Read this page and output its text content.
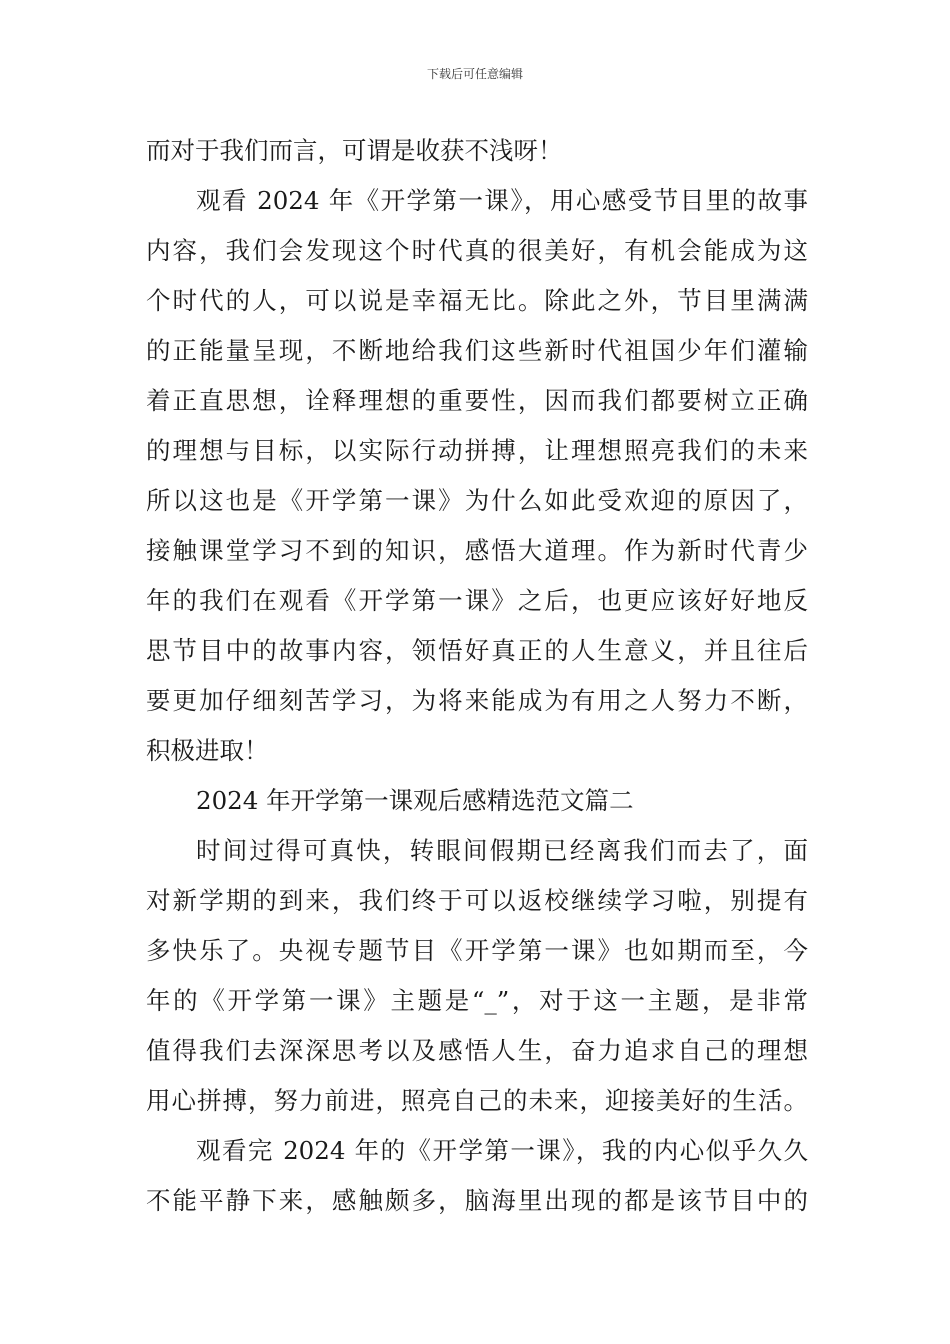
下载后可任意编辑
而对于我们而言，可谓是收获不浅呀！
观看 2024 年《开学第一课》，用心感受节目里的故事
内容，我们会发现这个时代真的很美好，有机会能成为这
个时代的人，可以说是幸福无比。除此之外，节目里满满
的正能量呈现，不断地给我们这些新时代祖国少年们灌输
着正直思想，诠释理想的重要性，因而我们都要树立正确
的理想与目标，以实际行动拼搏，让理想照亮我们的未来
所以这也是《开学第一课》为什么如此受欢迎的原因了，
接触课堂学习不到的知识，感悟大道理。作为新时代青少
年的我们在观看《开学第一课》之后，也更应该好好地反
思节目中的故事内容，领悟好真正的人生意义，并且往后
要更加仔细刻苦学习，为将来能成为有用之人努力不断，
积极进取！
2024 年开学第一课观后感精选范文篇二
时间过得可真快，转眼间假期已经离我们而去了，面
对新学期的到来，我们终于可以返校继续学习啦，别提有
多快乐了。央视专题节目《开学第一课》也如期而至，今
年的《开学第一课》主题是“_”，对于这一主题，是非常
值得我们去深深思考以及感悟人生，奋力追求自己的理想
用心拼搏，努力前进，照亮自己的未来，迎接美好的生活。
观看完 2024 年的《开学第一课》，我的内心似乎久久
不能平静下来，感触颇多，脑海里出现的都是该节目中的
